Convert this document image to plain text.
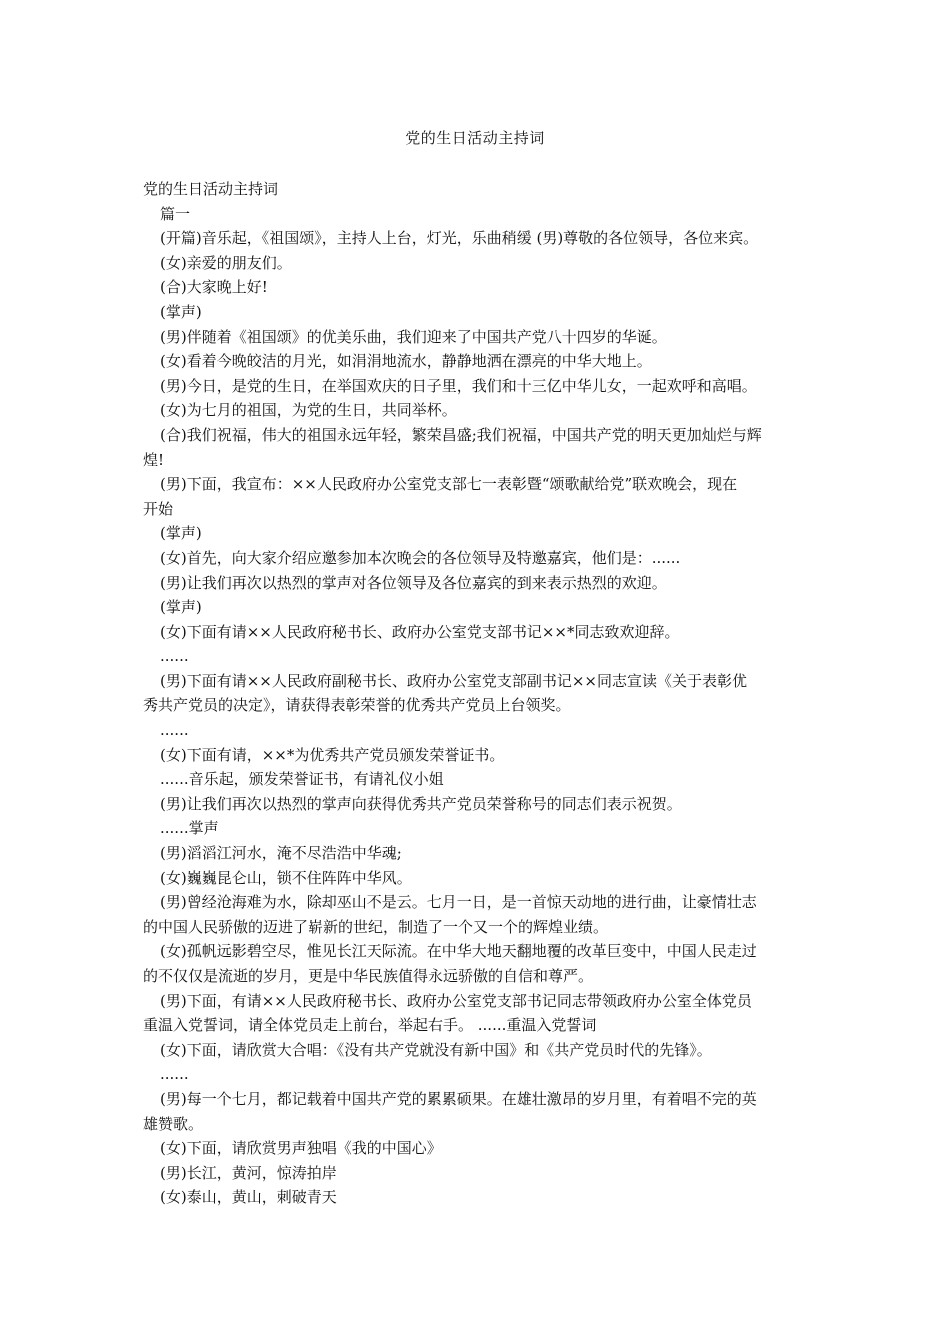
党的生日活动主持词
党的生日活动主持词
篇一
(开篇)音乐起，《祖国颂》，主持人上台，灯光，乐曲稍缓 (男)尊敬的各位领导，各位来宾。
(女)亲爱的朋友们。
(合)大家晚上好!
(掌声)
(男)伴随着《祖国颂》的优美乐曲，我们迎来了中国共产党八十四岁的华诞。
(女)看着今晚皎洁的月光，如涓涓地流水，静静地洒在漂亮的中华大地上。
(男)今日，是党的生日，在举国欢庆的日子里，我们和十三亿中华儿女，一起欢呼和高唱。
(女)为七月的祖国，为党的生日，共同举杯。
(合)我们祝福，伟大的祖国永远年轻，繁荣昌盛;我们祝福，中国共产党的明天更加灿烂与辉
煌!
(男)下面，我宣布：××人民政府办公室党支部七一表彰暨“颂歌献给党”联欢晚会，现在
开始
(掌声)
(女)首先，向大家介绍应邀参加本次晚会的各位领导及特邀嘉宾，他们是：......
(男)让我们再次以热烈的掌声对各位领导及各位嘉宾的到来表示热烈的欢迎。
(掌声)
(女)下面有请××人民政府秘书长、政府办公室党支部书记××*同志致欢迎辞。
......
(男)下面有请××人民政府副秘书长、政府办公室党支部副书记××同志宣读《关于表彰优
秀共产党员的决定》，请获得表彰荣誉的优秀共产党员上台领奖。
......
(女)下面有请，××*为优秀共产党员颁发荣誉证书。
......音乐起，颁发荣誉证书，有请礼仪小姐
(男)让我们再次以热烈的掌声向获得优秀共产党员荣誉称号的同志们表示祝贺。
......掌声
(男)滔滔江河水，淹不尽浩浩中华魂;
(女)巍巍昆仑山，锁不住阵阵中华风。
(男)曾经沧海难为水，除却巫山不是云。七月一日，是一首惊天动地的进行曲，让豪情壮志
的中国人民骄傲的迈进了崭新的世纪，制造了一个又一个的辉煌业绩。
(女)孤帆远影碧空尽，惟见长江天际流。在中华大地天翻地覆的改革巨变中，中国人民走过
的不仅仅是流逝的岁月，更是中华民族值得永远骄傲的自信和尊严。
(男)下面，有请××人民政府秘书长、政府办公室党支部书记同志带领政府办公室全体党员
重温入党誓词，请全体党员走上前台，举起右手。 ......重温入党誓词
(女)下面，请欣赏大合唱：《没有共产党就没有新中国》和《共产党员时代的先锋》。
......
(男)每一个七月，都记载着中国共产党的累累硕果。在雄壮激昂的岁月里，有着唱不完的英
雄赞歌。
(女)下面，请欣赏男声独唱《我的中国心》
(男)长江，黄河，惊涛拍岸
(女)泰山，黄山，刺破青天
